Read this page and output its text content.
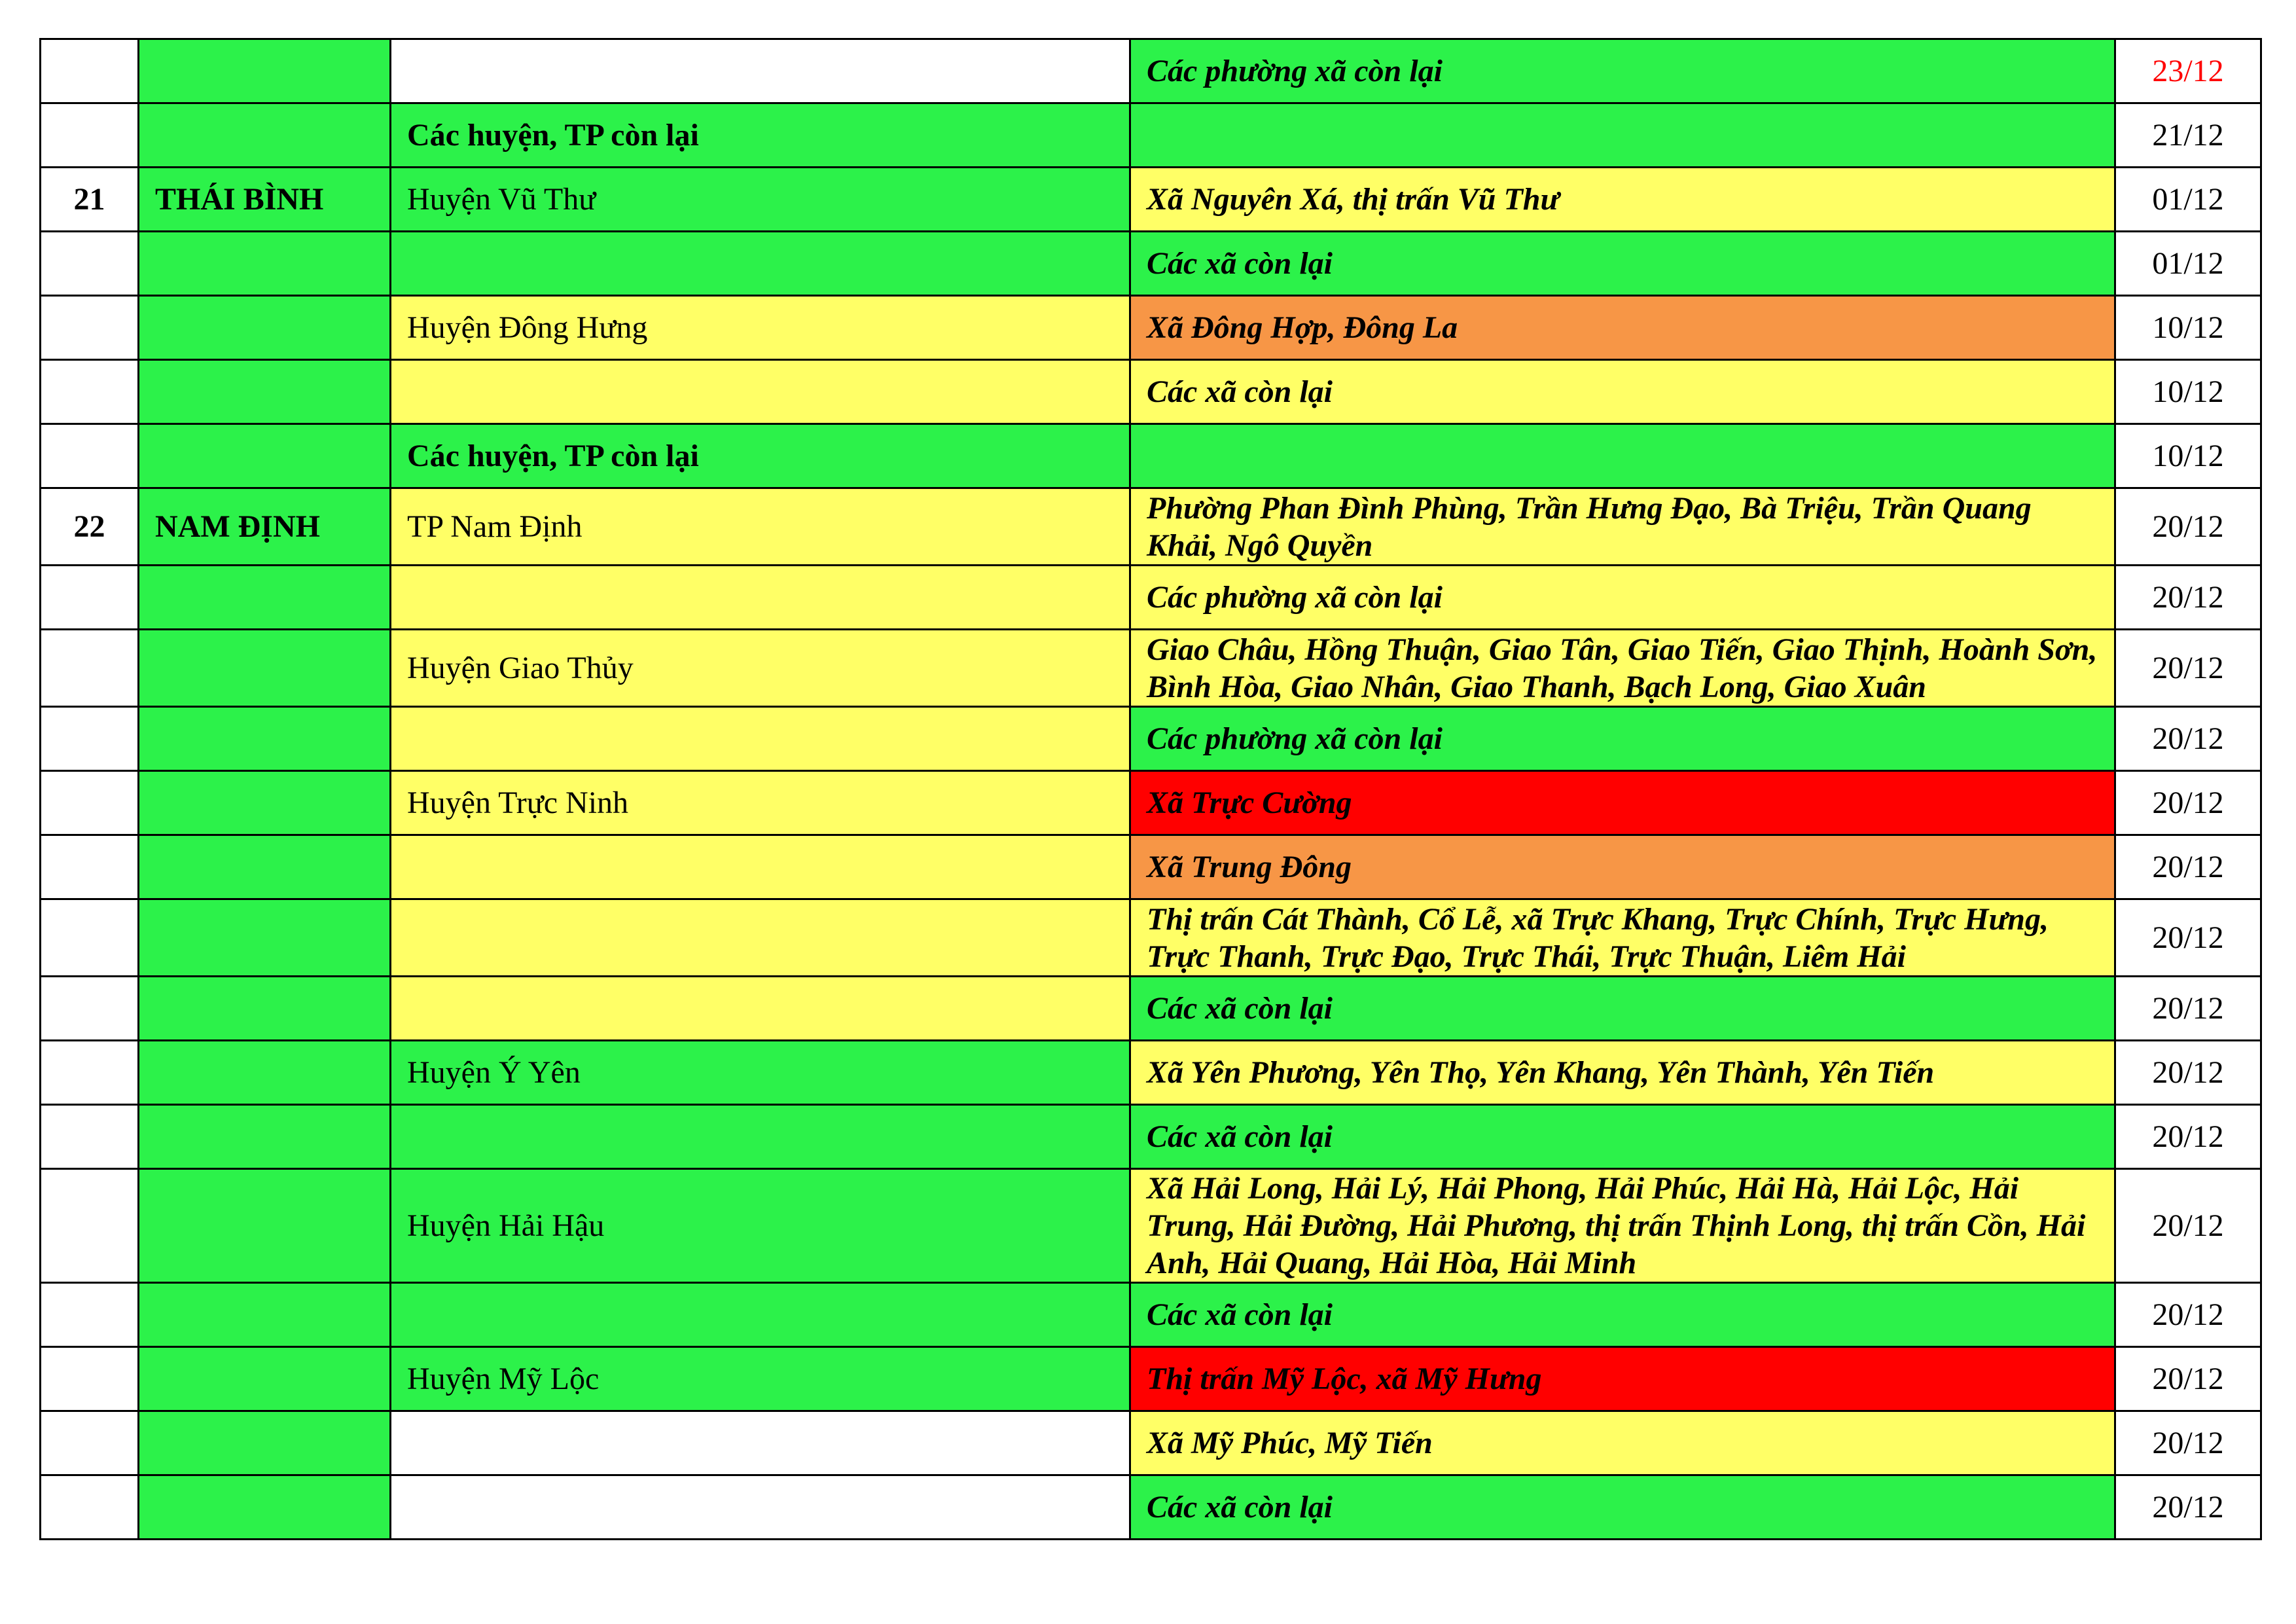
			Các phường xã còn lại	23/12
		Các huyện, TP còn lại		21/12
21	THÁI BÌNH	Huyện Vũ Thư	Xã Nguyên Xá, thị trấn Vũ Thư	01/12
			Các xã còn lại	01/12
		Huyện Đông Hưng	Xã Đông Hợp, Đông La	10/12
			Các xã còn lại	10/12
		Các huyện, TP còn lại		10/12
22	NAM ĐỊNH	TP Nam Định	Phường Phan Đình Phùng, Trần Hưng Đạo, Bà Triệu, Trần Quang Khải, Ngô Quyền	20/12
			Các phường xã còn lại	20/12
		Huyện Giao Thủy	Giao Châu, Hồng Thuận, Giao Tân, Giao Tiến, Giao Thịnh, Hoành Sơn, Bình Hòa, Giao Nhân, Giao Thanh, Bạch Long, Giao Xuân	20/12
			Các phường xã còn lại	20/12
		Huyện Trực Ninh	Xã Trực Cường	20/12
			Xã Trung Đông	20/12
			Thị trấn Cát Thành, Cổ Lễ, xã Trực Khang, Trực Chính, Trực Hưng, Trực Thanh, Trực Đạo, Trực Thái, Trực Thuận, Liêm Hải	20/12
			Các xã còn lại	20/12
		Huyện Ý Yên	Xã Yên Phương, Yên Thọ, Yên Khang, Yên Thành, Yên Tiến	20/12
			Các xã còn lại	20/12
		Huyện Hải Hậu	Xã Hải Long, Hải Lý, Hải Phong, Hải Phúc, Hải Hà, Hải Lộc, Hải Trung, Hải Đường, Hải Phương, thị trấn Thịnh Long, thị trấn Cồn, Hải Anh, Hải Quang, Hải Hòa, Hải Minh	20/12
			Các xã còn lại	20/12
		Huyện Mỹ Lộc	Thị trấn Mỹ Lộc, xã Mỹ Hưng	20/12
			Xã Mỹ Phúc, Mỹ Tiến	20/12
			Các xã còn lại	20/12
